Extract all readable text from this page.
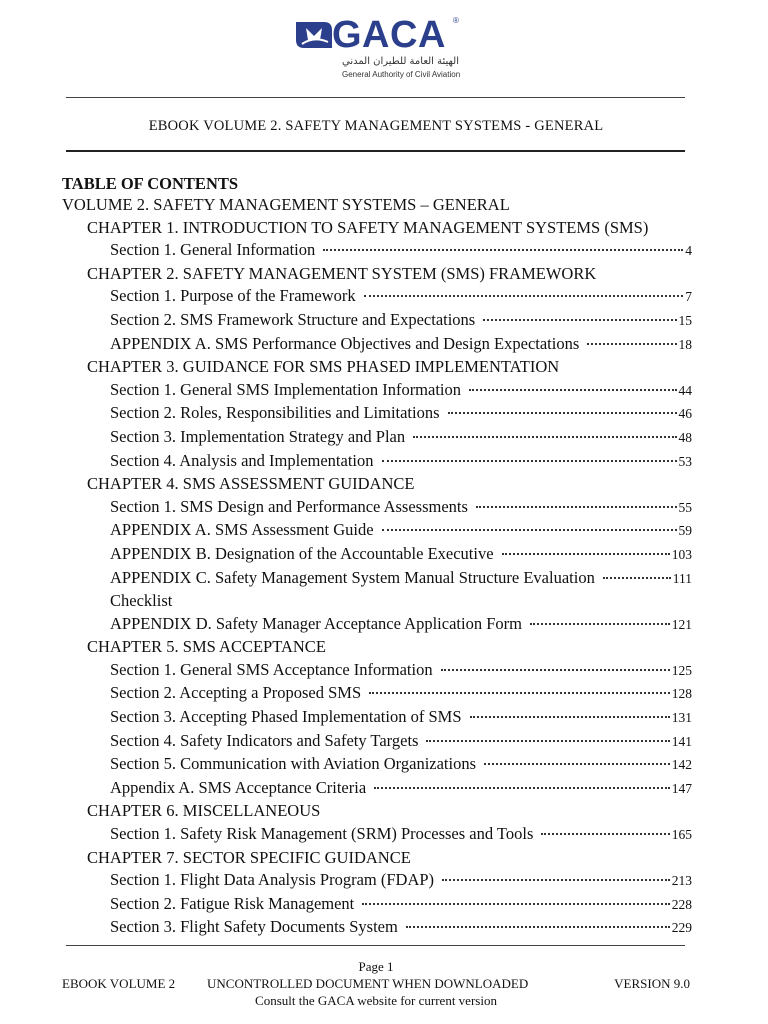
GACA ®
الهيئة العامة للطيران المدني
General Authority of Civil Aviation
EBOOK VOLUME 2. SAFETY MANAGEMENT SYSTEMS - GENERAL
TABLE OF CONTENTS
VOLUME 2. SAFETY MANAGEMENT SYSTEMS – GENERAL
CHAPTER 1. INTRODUCTION TO SAFETY MANAGEMENT SYSTEMS (SMS)
Section 1. General Information	4
CHAPTER 2. SAFETY MANAGEMENT SYSTEM (SMS) FRAMEWORK
Section 1. Purpose of the Framework	7
Section 2. SMS Framework Structure and Expectations	15
APPENDIX A. SMS Performance Objectives and Design Expectations	18
CHAPTER 3. GUIDANCE FOR SMS PHASED IMPLEMENTATION
Section 1. General SMS Implementation Information	44
Section 2. Roles, Responsibilities and Limitations	46
Section 3. Implementation Strategy and Plan	48
Section 4. Analysis and Implementation	53
CHAPTER 4. SMS ASSESSMENT GUIDANCE
Section 1. SMS Design and Performance Assessments	55
APPENDIX A. SMS Assessment Guide	59
APPENDIX B. Designation of the Accountable Executive	103
APPENDIX C. Safety Management System Manual Structure Evaluation	111
Checklist
APPENDIX D. Safety Manager Acceptance Application Form	121
CHAPTER 5. SMS ACCEPTANCE
Section 1. General SMS Acceptance Information	125
Section 2. Accepting a Proposed SMS	128
Section 3. Accepting Phased Implementation of SMS	131
Section 4. Safety Indicators and Safety Targets	141
Section 5. Communication with Aviation Organizations	142
Appendix A. SMS Acceptance Criteria	147
CHAPTER 6. MISCELLANEOUS
Section 1. Safety Risk Management (SRM) Processes and Tools	165
CHAPTER 7. SECTOR SPECIFIC GUIDANCE
Section 1. Flight Data Analysis Program (FDAP)	213
Section 2. Fatigue Risk Management	228
Section 3. Flight Safety Documents System	229
Page 1
EBOOK VOLUME 2 UNCONTROLLED DOCUMENT WHEN DOWNLOADED	VERSION 9.0
Consult the GACA website for current version
